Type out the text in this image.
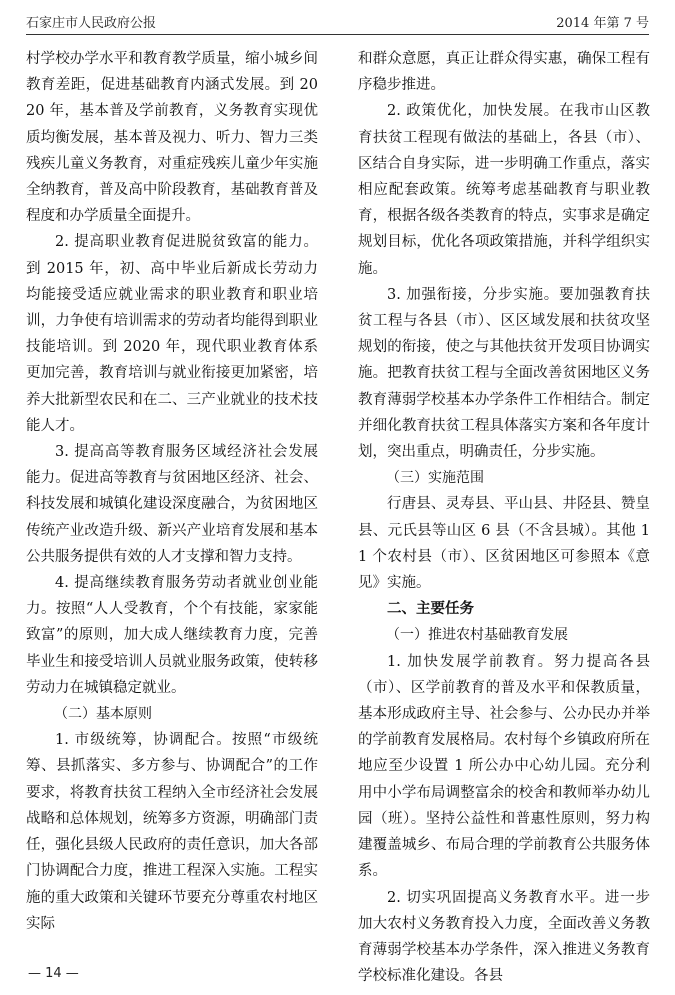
石家庄市人民政府公报	2014 年第 7 号

村学校办学水平和教育教学质量，缩小城乡间教育差距，促进基础教育内涵式发展。到 2020 年，基本普及学前教育，义务教育实现优质均衡发展，基本普及视力、听力、智力三类残疾儿童义务教育，对重症残疾儿童少年实施全纳教育，普及高中阶段教育，基础教育普及程度和办学质量全面提升。

2. 提高职业教育促进脱贫致富的能力。到 2015 年，初、高中毕业后新成长劳动力均能接受适应就业需求的职业教育和职业培训，力争使有培训需求的劳动者均能得到职业技能培训。到 2020 年，现代职业教育体系更加完善，教育培训与就业衔接更加紧密，培养大批新型农民和在二、三产业就业的技术技能人才。

3. 提高高等教育服务区域经济社会发展能力。促进高等教育与贫困地区经济、社会、科技发展和城镇化建设深度融合，为贫困地区传统产业改造升级、新兴产业培育发展和基本公共服务提供有效的人才支撑和智力支持。

4. 提高继续教育服务劳动者就业创业能力。按照“人人受教育，个个有技能，家家能致富”的原则，加大成人继续教育力度，完善毕业生和接受培训人员就业服务政策，使转移劳动力在城镇稳定就业。

（二）基本原则

1. 市级统筹，协调配合。按照“市级统筹、县抓落实、多方参与、协调配合”的工作要求，将教育扶贫工程纳入全市经济社会发展战略和总体规划，统筹多方资源，明确部门责任，强化县级人民政府的责任意识，加大各部门协调配合力度，推进工程深入实施。工程实施的重大政策和关键环节要充分尊重农村地区实际

和群众意愿，真正让群众得实惠，确保工程有序稳步推进。

2. 政策优化，加快发展。在我市山区教育扶贫工程现有做法的基础上，各县（市）、区结合自身实际，进一步明确工作重点，落实相应配套政策。统筹考虑基础教育与职业教育，根据各级各类教育的特点，实事求是确定规划目标，优化各项政策措施，并科学组织实施。

3. 加强衔接，分步实施。要加强教育扶贫工程与各县（市）、区区域发展和扶贫攻坚规划的衔接，使之与其他扶贫开发项目协调实施。把教育扶贫工程与全面改善贫困地区义务教育薄弱学校基本办学条件工作相结合。制定并细化教育扶贫工程具体落实方案和各年度计划，突出重点，明确责任，分步实施。

（三）实施范围

行唐县、灵寿县、平山县、井陉县、赞皇县、元氏县等山区 6 县（不含县城）。其他 11 个农村县（市）、区贫困地区可参照本《意见》实施。

二、主要任务

（一）推进农村基础教育发展

1. 加快发展学前教育。努力提高各县（市）、区学前教育的普及水平和保教质量，基本形成政府主导、社会参与、公办民办并举的学前教育发展格局。农村每个乡镇政府所在地应至少设置 1 所公办中心幼儿园。充分利用中小学布局调整富余的校舍和教师举办幼儿园（班）。坚持公益性和普惠性原则，努力构建覆盖城乡、布局合理的学前教育公共服务体系。

2. 切实巩固提高义务教育水平。进一步加大农村义务教育投入力度，全面改善义务教育薄弱学校基本办学条件，深入推进义务教育学校标准化建设。各县

— 14 —
